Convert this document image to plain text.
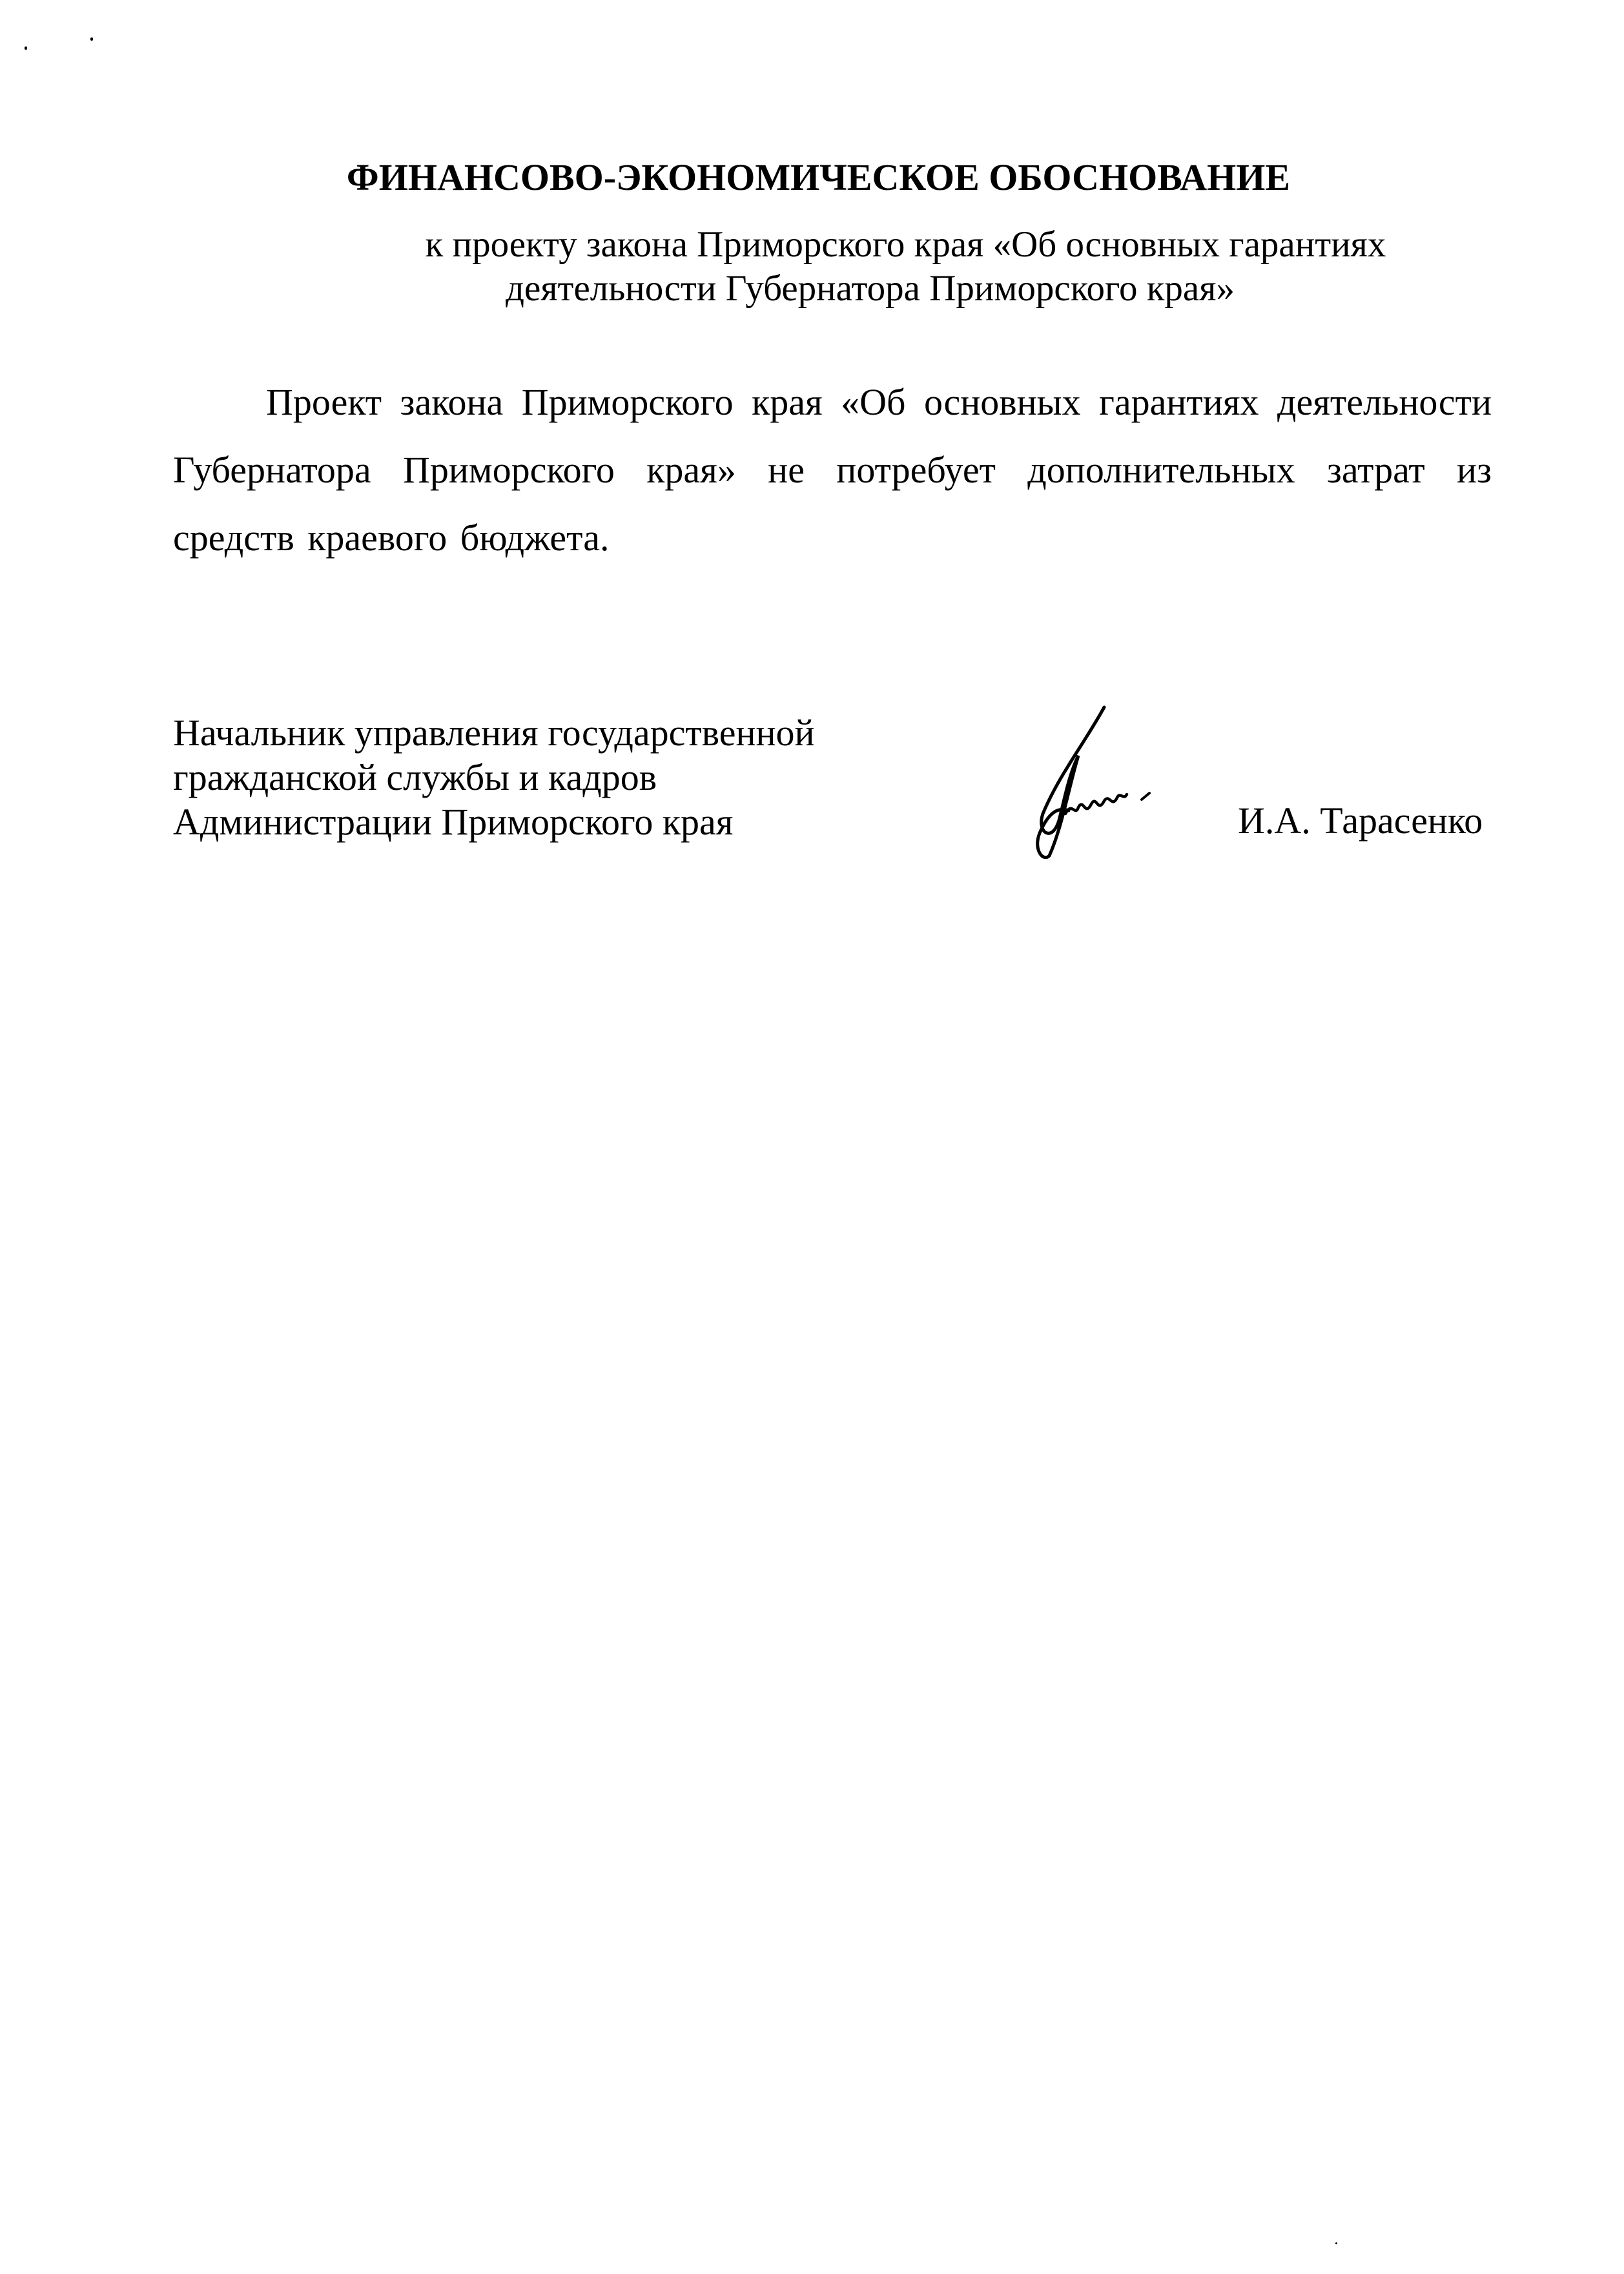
ФИНАНСОВО-ЭКОНОМИЧЕСКОЕ ОБОСНОВАНИЕ
к проекту закона Приморского края «Об основных гарантиях
деятельности Губернатора Приморского края»

Проект закона Приморского края «Об основных гарантиях деятельности Губернатора Приморского края» не потребует дополнительных затрат из средств краевого бюджета.

Начальник управления государственной
гражданской службы и кадров
Администрации Приморского края	И.А. Тарасенко
